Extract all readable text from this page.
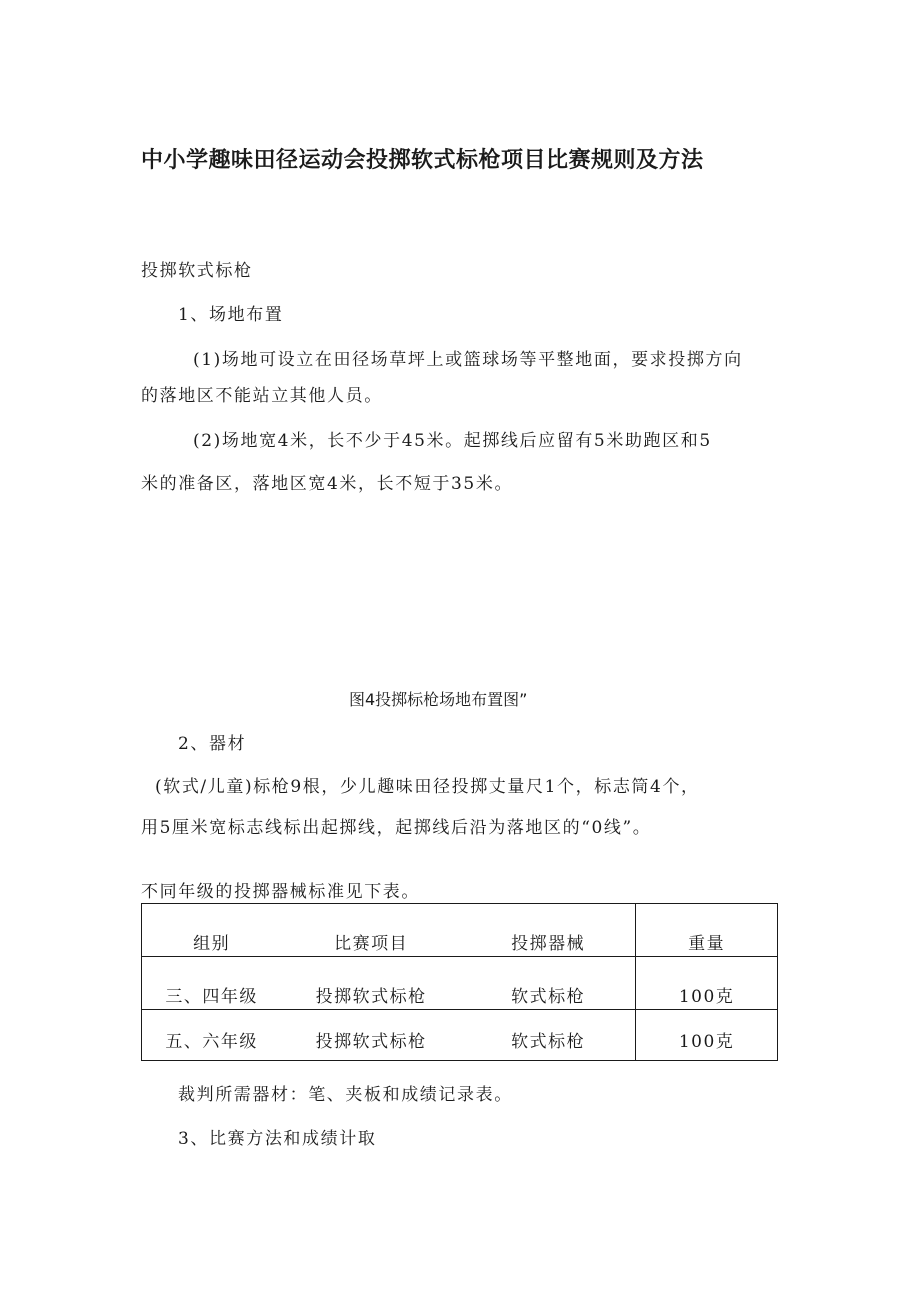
中小学趣味田径运动会投掷软式标枪项目比赛规则及方法
投掷软式标枪
1、场地布置
(1)场地可设立在田径场草坪上或篮球场等平整地面，要求投掷方向
的落地区不能站立其他人员。
(2)场地宽4米，长不少于45米。起掷线后应留有5米助跑区和5
米的准备区，落地区宽4米，长不短于35米。
图4投掷标枪场地布置图”
2、器材
(软式/儿童)标枪9根，少儿趣味田径投掷丈量尺1个，标志筒4个，
用5厘米宽标志线标出起掷线，起掷线后沿为落地区的“0线”。
不同年级的投掷器械标准见下表。
组别	比赛项目	投掷器械	重量
三、四年级	投掷软式标枪	软式标枪	100克
五、六年级	投掷软式标枪	软式标枪	100克
裁判所需器材：笔、夹板和成绩记录表。
3、比赛方法和成绩计取
